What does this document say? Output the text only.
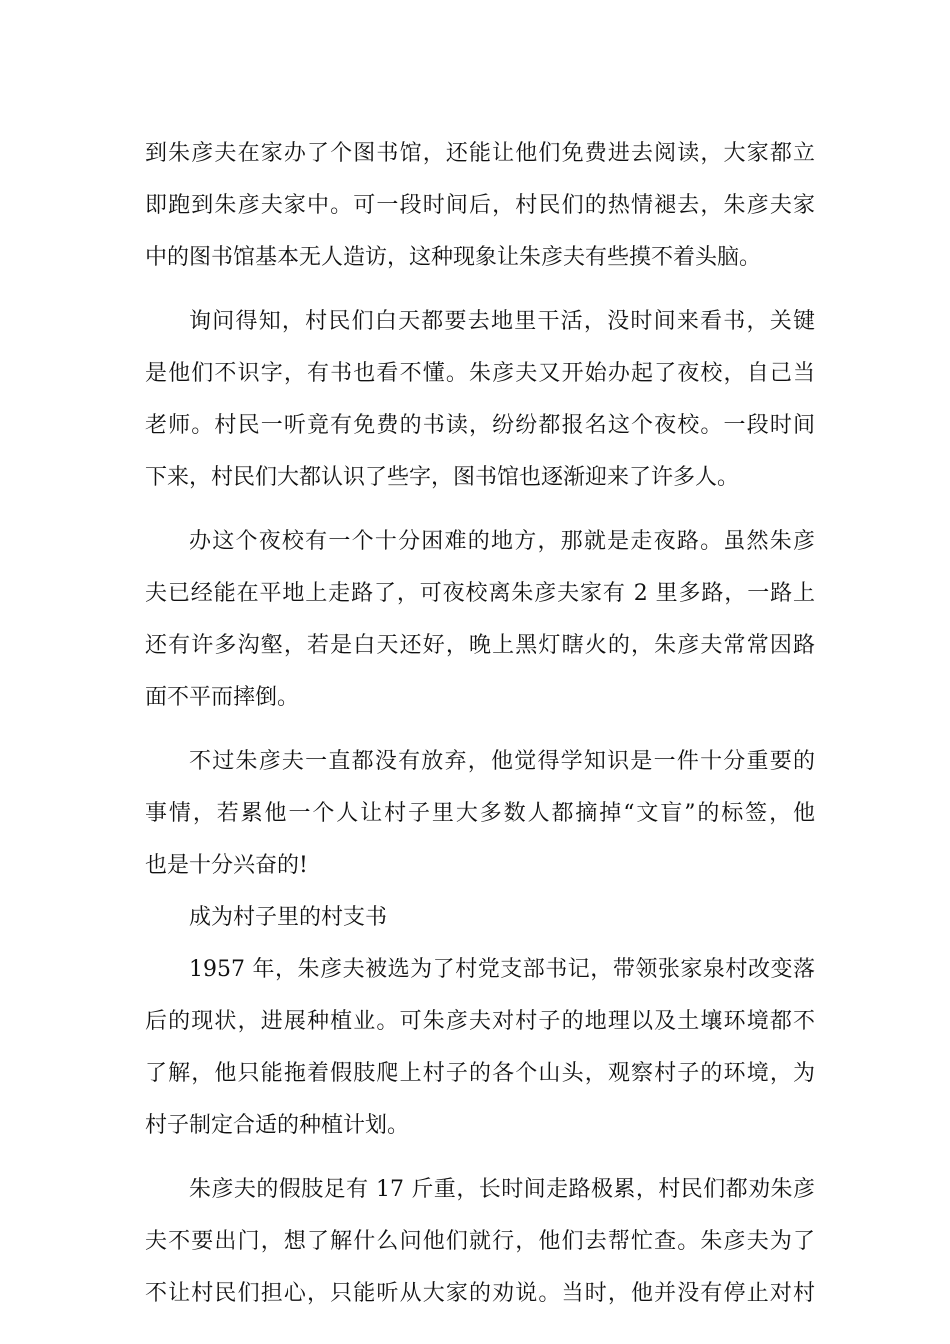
到朱彦夫在家办了个图书馆，还能让他们免费进去阅读，大家都立
即跑到朱彦夫家中。可一段时间后，村民们的热情褪去，朱彦夫家
中的图书馆基本无人造访，这种现象让朱彦夫有些摸不着头脑。
询问得知，村民们白天都要去地里干活，没时间来看书，关键
是他们不识字，有书也看不懂。朱彦夫又开始办起了夜校，自己当
老师。村民一听竟有免费的书读，纷纷都报名这个夜校。一段时间
下来，村民们大都认识了些字，图书馆也逐渐迎来了许多人。
办这个夜校有一个十分困难的地方，那就是走夜路。虽然朱彦
夫已经能在平地上走路了，可夜校离朱彦夫家有 2 里多路，一路上
还有许多沟壑，若是白天还好，晚上黑灯瞎火的，朱彦夫常常因路
面不平而摔倒。
不过朱彦夫一直都没有放弃，他觉得学知识是一件十分重要的
事情，若累他一个人让村子里大多数人都摘掉“文盲”的标签，他
也是十分兴奋的!
成为村子里的村支书
1957 年，朱彦夫被选为了村党支部书记，带领张家泉村改变落
后的现状，进展种植业。可朱彦夫对村子的地理以及土壤环境都不
了解，他只能拖着假肢爬上村子的各个山头，观察村子的环境，为
村子制定合适的种植计划。
朱彦夫的假肢足有 17 斤重，长时间走路极累，村民们都劝朱彦
夫不要出门，想了解什么问他们就行，他们去帮忙查。朱彦夫为了
不让村民们担心，只能听从大家的劝说。当时，他并没有停止对村
